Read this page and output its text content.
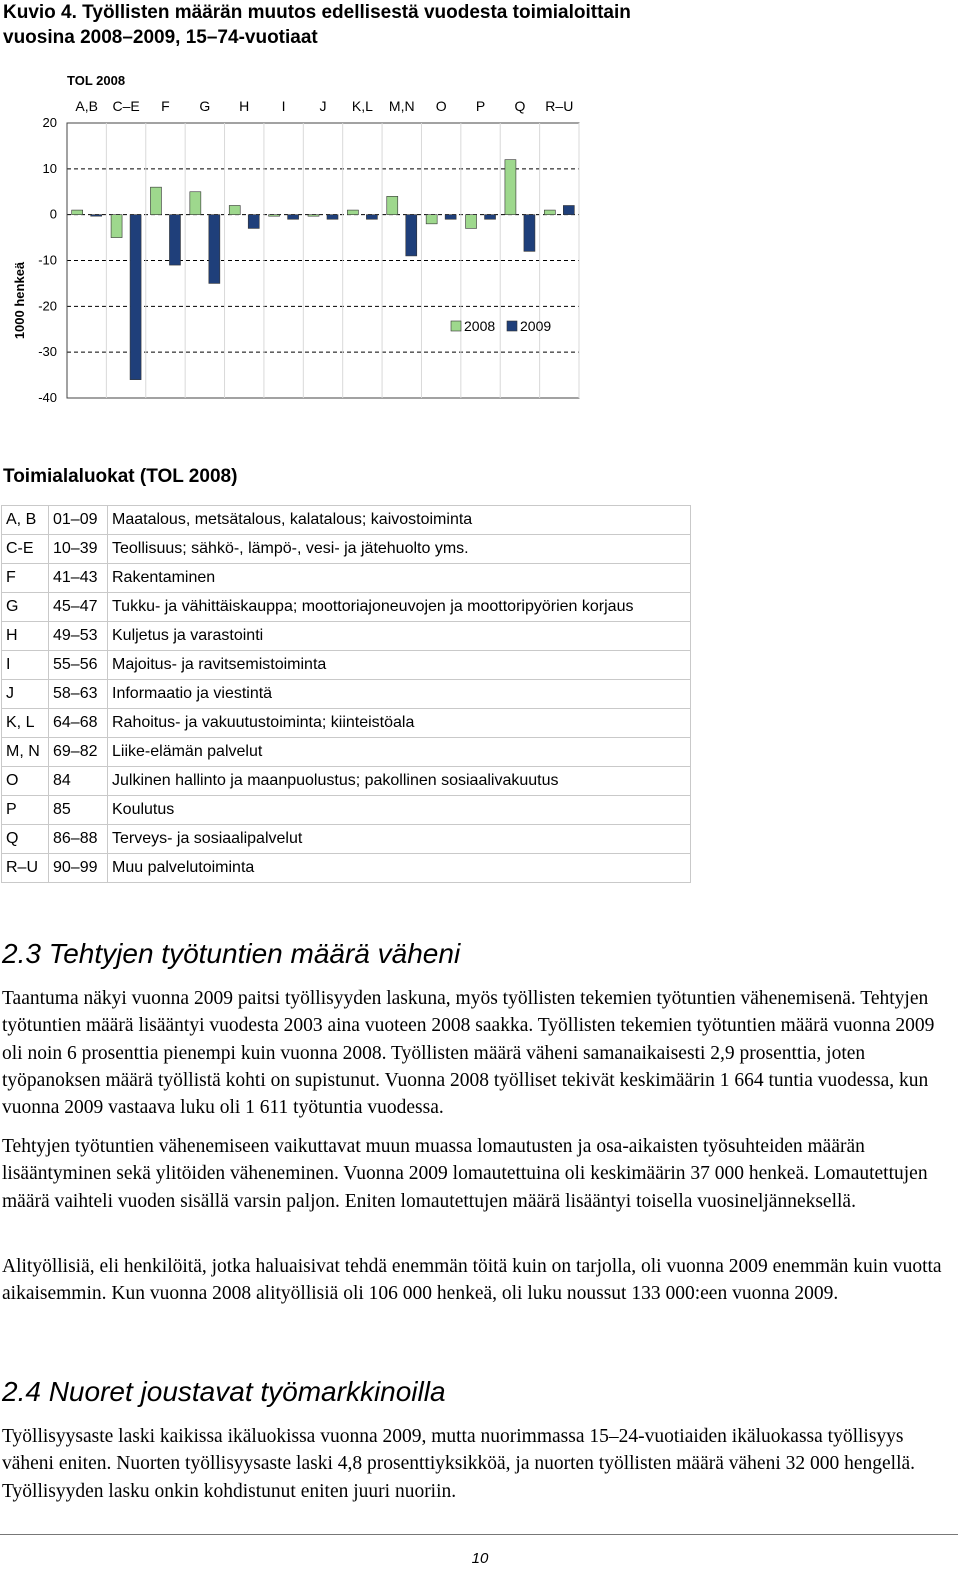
Kuvio 4. Työllisten määrän muutos edellisestä vuodesta toimialoittain vuosina 2008–2009, 15–74-vuotiaat
20
10
0
-10
-20
-30
-40
1000 henkeä
TOL 2008
A,B C–E F G H I J K,L M,N O P Q R–U
2008 2009
Toimialaluokat (TOL 2008)
A, B	01–09	Maatalous, metsätalous, kalatalous; kaivostoiminta
C-E	10–39	Teollisuus; sähkö-, lämpö-, vesi- ja jätehuolto yms.
F	41–43	Rakentaminen
G	45–47	Tukku- ja vähittäiskauppa; moottoriajoneuvojen ja moottoripyörien korjaus
H	49–53	Kuljetus ja varastointi
I	55–56	Majoitus- ja ravitsemistoiminta
J	58–63	Informaatio ja viestintä
K, L	64–68	Rahoitus- ja vakuutustoiminta; kiinteistöala
M, N	69–82	Liike-elämän palvelut
O	84	Julkinen hallinto ja maanpuolustus; pakollinen sosiaalivakuutus
P	85	Koulutus
Q	86–88	Terveys- ja sosiaalipalvelut
R–U	90–99	Muu palvelutoiminta
2.3 Tehtyjen työtuntien määrä väheni

Taantuma näkyi vuonna 2009 paitsi työllisyyden laskuna, myös työllisten tekemien työtuntien vähenemisenä. Tehtyjen työtuntien määrä lisääntyi vuodesta 2003 aina vuoteen 2008 saakka. Työllisten tekemien työtuntien määrä vuonna 2009 oli noin 6 prosenttia pienempi kuin vuonna 2008. Työllisten määrä väheni samanaikaisesti 2,9 prosenttia, joten työpanoksen määrä työllistä kohti on supistunut. Vuonna 2008 työlliset tekivät keskimäärin 1 664 tuntia vuodessa, kun vuonna 2009 vastaava luku oli 1 611 työtuntia vuodessa.

Tehtyjen työtuntien vähenemiseen vaikuttavat muun muassa lomautusten ja osa-aikaisten työsuhteiden määrän lisääntyminen sekä ylitöiden väheneminen. Vuonna 2009 lomautettuina oli keskimäärin 37 000 henkeä. Lomautettujen määrä vaihteli vuoden sisällä varsin paljon. Eniten lomautettujen määrä lisääntyi toisella vuosineljänneksellä.

Alityöllisiä, eli henkilöitä, jotka haluaisivat tehdä enemmän töitä kuin on tarjolla, oli vuonna 2009 enemmän kuin vuotta aikaisemmin. Kun vuonna 2008 alityöllisiä oli 106 000 henkeä, oli luku noussut 133 000:een vuonna 2009.

2.4 Nuoret joustavat työmarkkinoilla

Työllisyysaste laski kaikissa ikäluokissa vuonna 2009, mutta nuorimmassa 15–24-vuotiaiden ikäluokassa työllisyys väheni eniten. Nuorten työllisyysaste laski 4,8 prosenttiyksikköä, ja nuorten työllisten määrä väheni 32 000 hengellä. Työllisyyden lasku onkin kohdistunut eniten juuri nuoriin.

10
